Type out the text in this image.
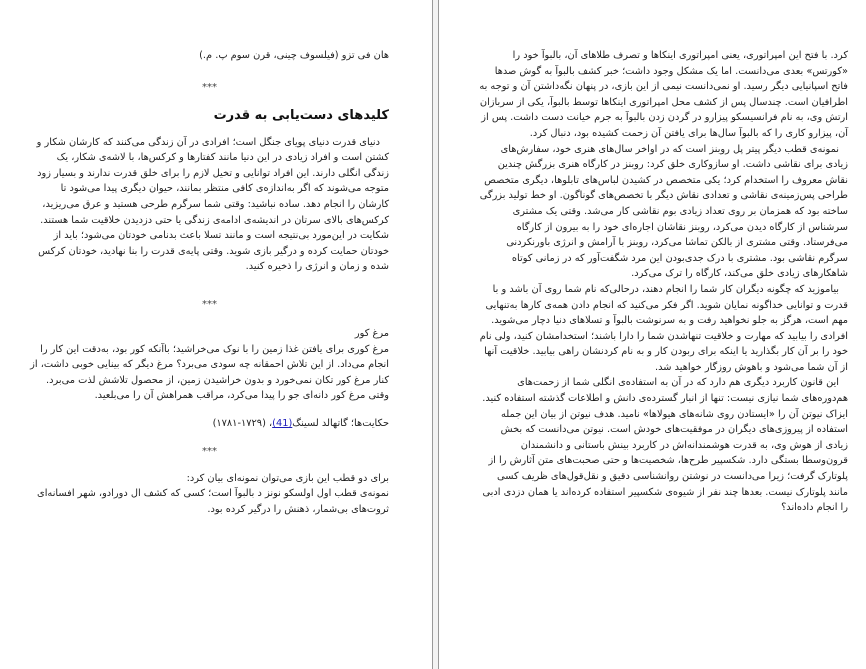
هان فی تزو (فیلسوف چینی، قرن سوم پ. م.)

***

کلیدهای دست‌یابی به قدرت

دنیای قدرت دنیای پویای جنگل است؛ افرادی در آن زندگی می‌کنند که کارشان شکار و کشتن است و افراد زیادی در این دنیا مانند کفتارها و کرکس‌ها، با لاشه‌ی شکار، یک زندگی انگلی دارند. این افراد توانایی و تخیل لازم را برای خلق قدرت ندارند و بسیار زود متوجه می‌شوند که اگر به‌اندازه‌ی کافی منتظر بمانند، حیوان دیگری پیدا می‌شود تا کارشان را انجام دهد. ساده نباشید: وقتی شما سرگرم طرحی هستید و عرق می‌ریزید، کرکس‌های بالای سرتان در اندیشه‌ی ادامه‌ی زندگی یا حتی دزدیدن خلاقیت شما هستند. شکایت در این‌مورد بی‌نتیجه است و مانند تسلا باعث بدنامی خودتان می‌شود؛ باید از خودتان حمایت کرده و درگیر بازی شوید. وقتی پایه‌ی قدرت را بنا نهادید، خودتان کرکس شده و زمان و انرژی را ذخیره کنید.

***

مرغ کور

مرغ کوری برای یافتن غذا زمین را با نوک می‌خراشید؛ باآنکه کور بود، به‌دقت این کار را انجام می‌داد. از این تلاش احمقانه چه سودی می‌برد؟ مرغ دیگر که بینایی خوبی داشت، از کنار مرغ کور تکان نمی‌خورد و بدون خراشیدن زمین، از محصول تلاشش لذت می‌برد. وقتی مرغ کور دانه‌ای جو را پیدا می‌کرد، مراقب همراهش آن را می‌بلعید.

حکایت‌ها؛ گاتهالد لسینگ(41)، (۱۷۲۹-۱۷۸۱)

***

برای دو قطب این بازی می‌توان نمونه‌ای بیان کرد:

نمونه‌ی قطب اول اولسکو نونز د بالبوآ است؛ کسی که کشف ال دورادو، شهر افسانه‌ای ثروت‌های بی‌شمار، ذهنش را درگیر کرده بود.

کرد. با فتح این امپراتوری، یعنی امپراتوری اینکاها و تصرف طلاهای آن، بالبوآ خود را «کورتس» بعدی می‌دانست. اما یک مشکل وجود داشت؛ خبر کشف بالبوآ به گوش صدها فاتح اسپانیایی دیگر رسید. او نمی‌دانست نیمی از این بازی، در پنهان نگه‌داشتن آن و توجه به اطرافیان است. چندسال پس از کشف محل امپراتوری اینکاها توسط بالبوآ، یکی از سربازان ارتش وی، به نام فرانسیسکو پیزارو در گردن زدن بالبوآ به جرم خیانت دست داشت. پس از آن، پیزارو کاری را که بالبوآ سال‌ها برای یافتن آن زحمت کشیده بود، دنبال کرد.

نمونه‌ی قطب دیگر پیتر پل روبنز است که در اواخر سال‌های هنری خود، سفارش‌های زیادی برای نقاشی داشت. او سازوکاری خلق کرد: روبنز در کارگاه هنری بزرگش چندین نقاش معروف را استخدام کرد؛ یکی متخصص در کشیدن لباس‌های تابلوها، دیگری متخصص طراحی پس‌زمینه‌ی نقاشی و تعدادی نقاش دیگر با تخصص‌های گوناگون. او خط تولید بزرگی ساخته بود که همزمان بر روی تعداد زیادی بوم نقاشی کار می‌شد. وقتی یک مشتری سرشناس از کارگاه دیدن می‌کرد، روبنز نقاشان اجاره‌ای خود را به بیرون از کارگاه می‌فرستاد. وقتی مشتری از بالکن تماشا می‌کرد، روبنز با آرامش و انرژی باورنکردنی سرگرم نقاشی بود. مشتری با درک جدی‌بودن این مرد شگفت‌آور که در زمانی کوتاه شاهکارهای زیادی خلق می‌کند، کارگاه را ترک می‌کرد.

بیاموزید که چگونه دیگران کار شما را انجام دهند، درحالی‌که نام شما روی آن باشد و با قدرت و توانایی خداگونه نمایان شوید. اگر فکر می‌کنید که انجام دادن همه‌ی کارها به‌تنهایی مهم است، هرگز به جلو نخواهید رفت و به سرنوشت بالبوآ و تسلاهای دنیا دچار می‌شوید. افرادی را بیابید که مهارت و خلاقیت تنهاشدن شما را دارا باشند؛ استخدامشان کنید، ولی نام خود را بر آن کار بگذارید یا اینکه برای ربودن کار و به نام کردنشان راهی بیابید. خلاقیت آنها از آن شما می‌شود و باهوش روزگار خواهید شد.

این قانون کاربرد دیگری هم دارد که در آن به استفاده‌ی انگلی شما از زحمت‌های هم‌دوره‌های شما نیازی نیست: تنها از انبار گسترده‌ی دانش و اطلاعات گذشته استفاده کنید. ایزاک نیوتن آن را «ایستادن روی شانه‌های هیولاها» نامید. هدف نیوتن از بیان این جمله استفاده از پیروزی‌های دیگران در موفقیت‌های خودش است. نیوتن می‌دانست که بخش زیادی از هوش وی، به قدرت هوشمندانه‌اش در کاربرد بینش باستانی و دانشمندان قرون‌وسطا بستگی دارد. شکسپیر طرح‌ها، شخصیت‌ها و حتی صحبت‌های متن آثارش را از پلوتارک گرفت؛ زیرا می‌دانست در نوشتن روانشناسی دقیق و نقل‌قول‌های ظریف کسی مانند پلوتارک نیست. بعدها چند نفر از شیوه‌ی شکسپیر استفاده کرده‌اند یا همان دزدی ادبی را انجام داده‌اند؟
